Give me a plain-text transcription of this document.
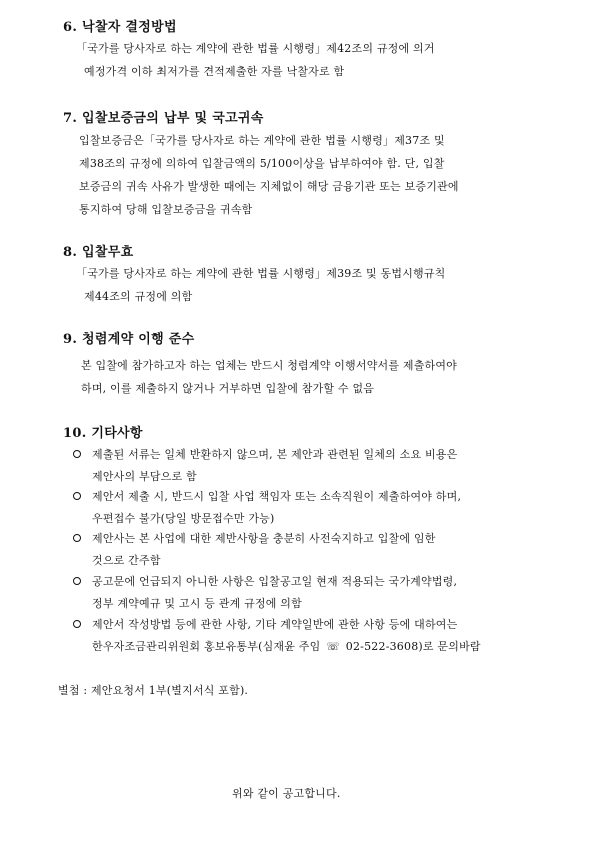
6. 낙찰자 결정방법
「국가를 당사자로 하는 계약에 관한 법률 시행령」제42조의 규정에 의거
예정가격 이하 최저가를 견적제출한 자를 낙찰자로 함
7. 입찰보증금의 납부 및 국고귀속
입찰보증금은「국가를 당사자로 하는 계약에 관한 법률 시행령」제37조 및
제38조의 규정에 의하여 입찰금액의 5/100이상을 납부하여야 함. 단, 입찰
보증금의 귀속 사유가 발생한 때에는 지체없이 해당 금융기관 또는 보증기관에
통지하여 당해 입찰보증금을 귀속함
8. 입찰무효
「국가를 당사자로 하는 계약에 관한 법률 시행령」제39조 및 동법시행규칙
제44조의 규정에 의함
9. 청렴계약 이행 준수
본 입찰에 참가하고자 하는 업체는 반드시 청렴계약 이행서약서를 제출하여야
하며, 이를 제출하지 않거나 거부하면 입찰에 참가할 수 없음
10. 기타사항
제출된 서류는 일체 반환하지 않으며, 본 제안과 관련된 일체의 소요 비용은
제안사의 부담으로 함
제안서 제출 시, 반드시 입찰 사업 책임자 또는 소속직원이 제출하여야 하며,
우편접수 불가(당일 방문접수만 가능)
제안사는 본 사업에 대한 제반사항을 충분히 사전숙지하고 입찰에 임한
것으로 간주함
공고문에 언급되지 아니한 사항은 입찰공고일 현재 적용되는 국가계약법령,
정부 계약예규 및 고시 등 관계 규정에 의함
제안서 작성방법 등에 관한 사항, 기타 계약일반에 관한 사항 등에 대하여는
한우자조금관리위원회 홍보유통부(심재윤 주임 ☏ 02-522-3608)로 문의바람
별첨 : 제안요청서 1부(별지서식 포함).
위와 같이 공고합니다.
